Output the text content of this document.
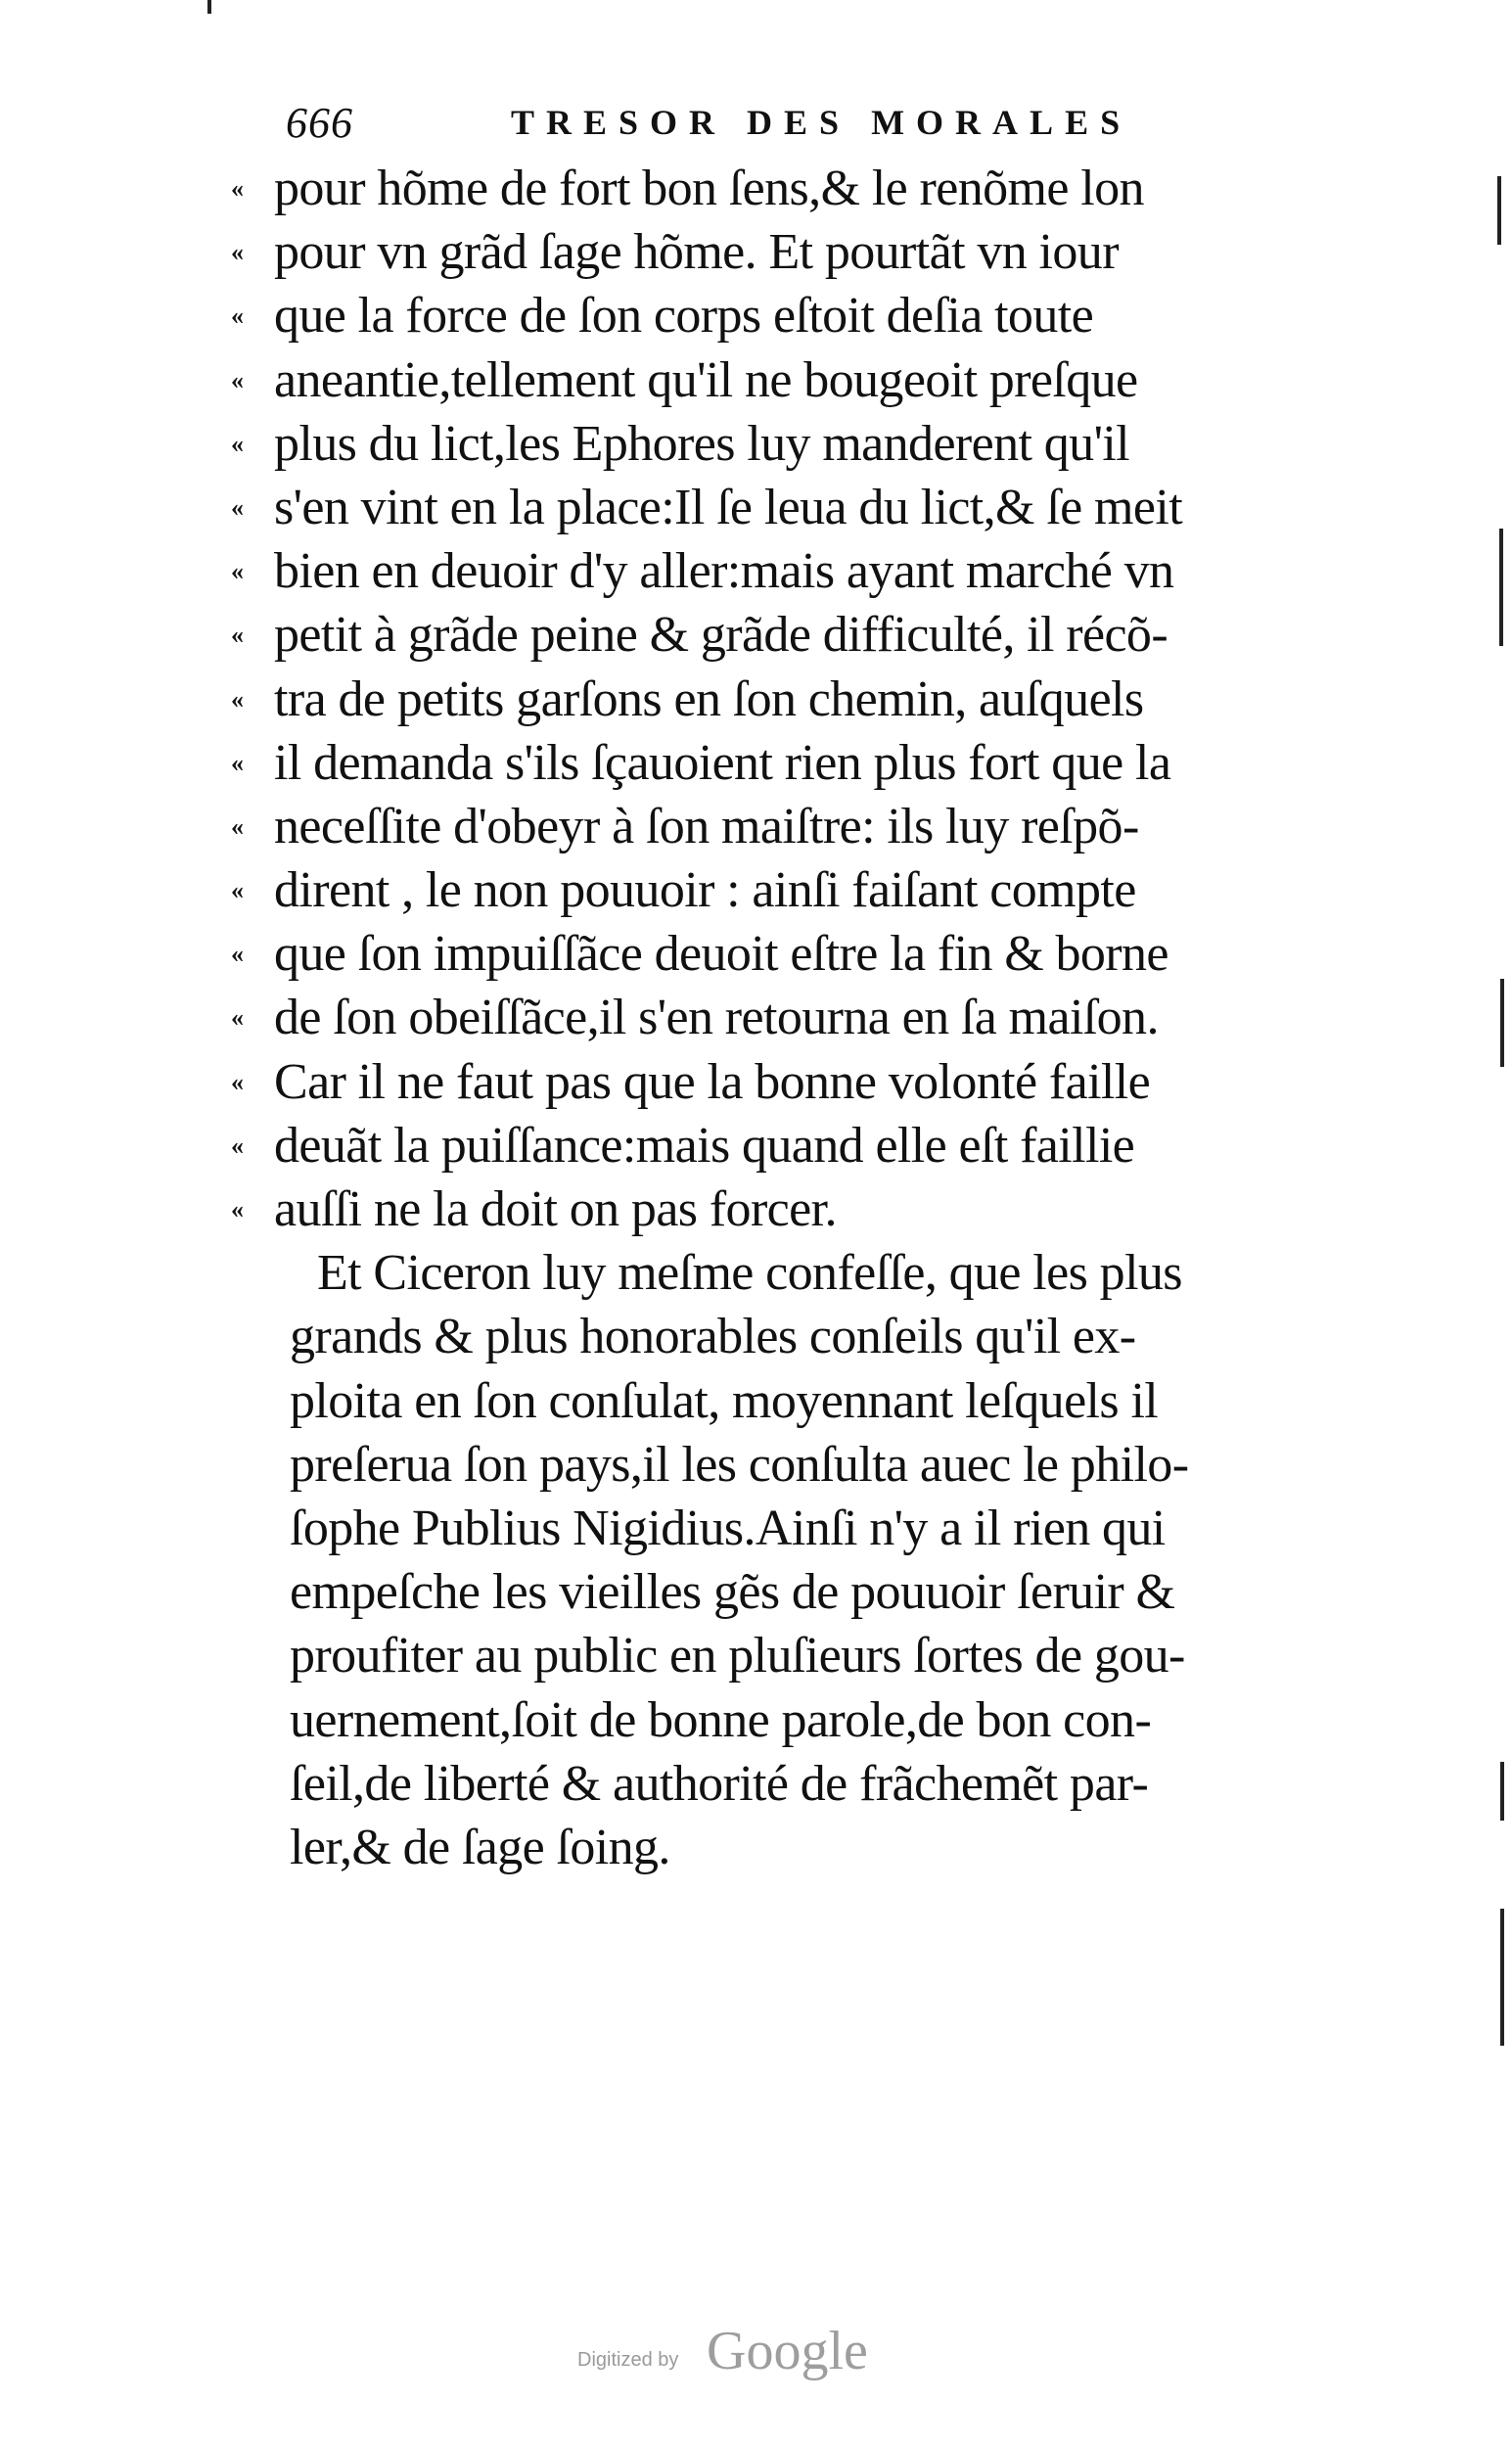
666	TRESOR DES MORALES
« pour hõme de fort bon ſens,& le renõme lon
« pour vn grãd ſage hõme. Et pourtãt vn iour
« que la force de ſon corps eſtoit deſia toute
« aneantie,tellement qu'il ne bougeoit preſque
« plus du lict,les Ephores luy manderent qu'il
« s'en vint en la place:Il ſe leua du lict,& ſe meit
« bien en deuoir d'y aller:mais ayant marché vn
« petit à grãde peine & grãde difficulté, il récõ-
« tra de petits garſons en ſon chemin, auſquels
« il demanda s'ils ſçauoient rien plus fort que la
« neceſſite d'obeyr à ſon maiſtre: ils luy reſpõ-
« dirent , le non pouuoir : ainſi faiſant compte
« que ſon impuiſſãce deuoit eſtre la fin & borne
« de ſon obeiſſãce,il s'en retourna en ſa maiſon.
« Car il ne faut pas que la bonne volonté faille
« deuãt la puiſſance:mais quand elle eſt faillie
« auſſi ne la doit on pas forcer.
Et Ciceron luy meſme confeſſe, que les plus
grands & plus honorables conſeils qu'il ex-
ploita en ſon conſulat, moyennant leſquels il
preſerua ſon pays,il les conſulta auec le philo-
ſophe Publius Nigidius.Ainſi n'y a il rien qui
empeſche les vieilles gẽs de pouuoir ſeruir &
proufiter au public en pluſieurs ſortes de gou-
uernement,ſoit de bonne parole,de bon con-
ſeil,de liberté & authorité de frãchemẽt par-
ler,& de ſage ſoing.
Digitized by Google
